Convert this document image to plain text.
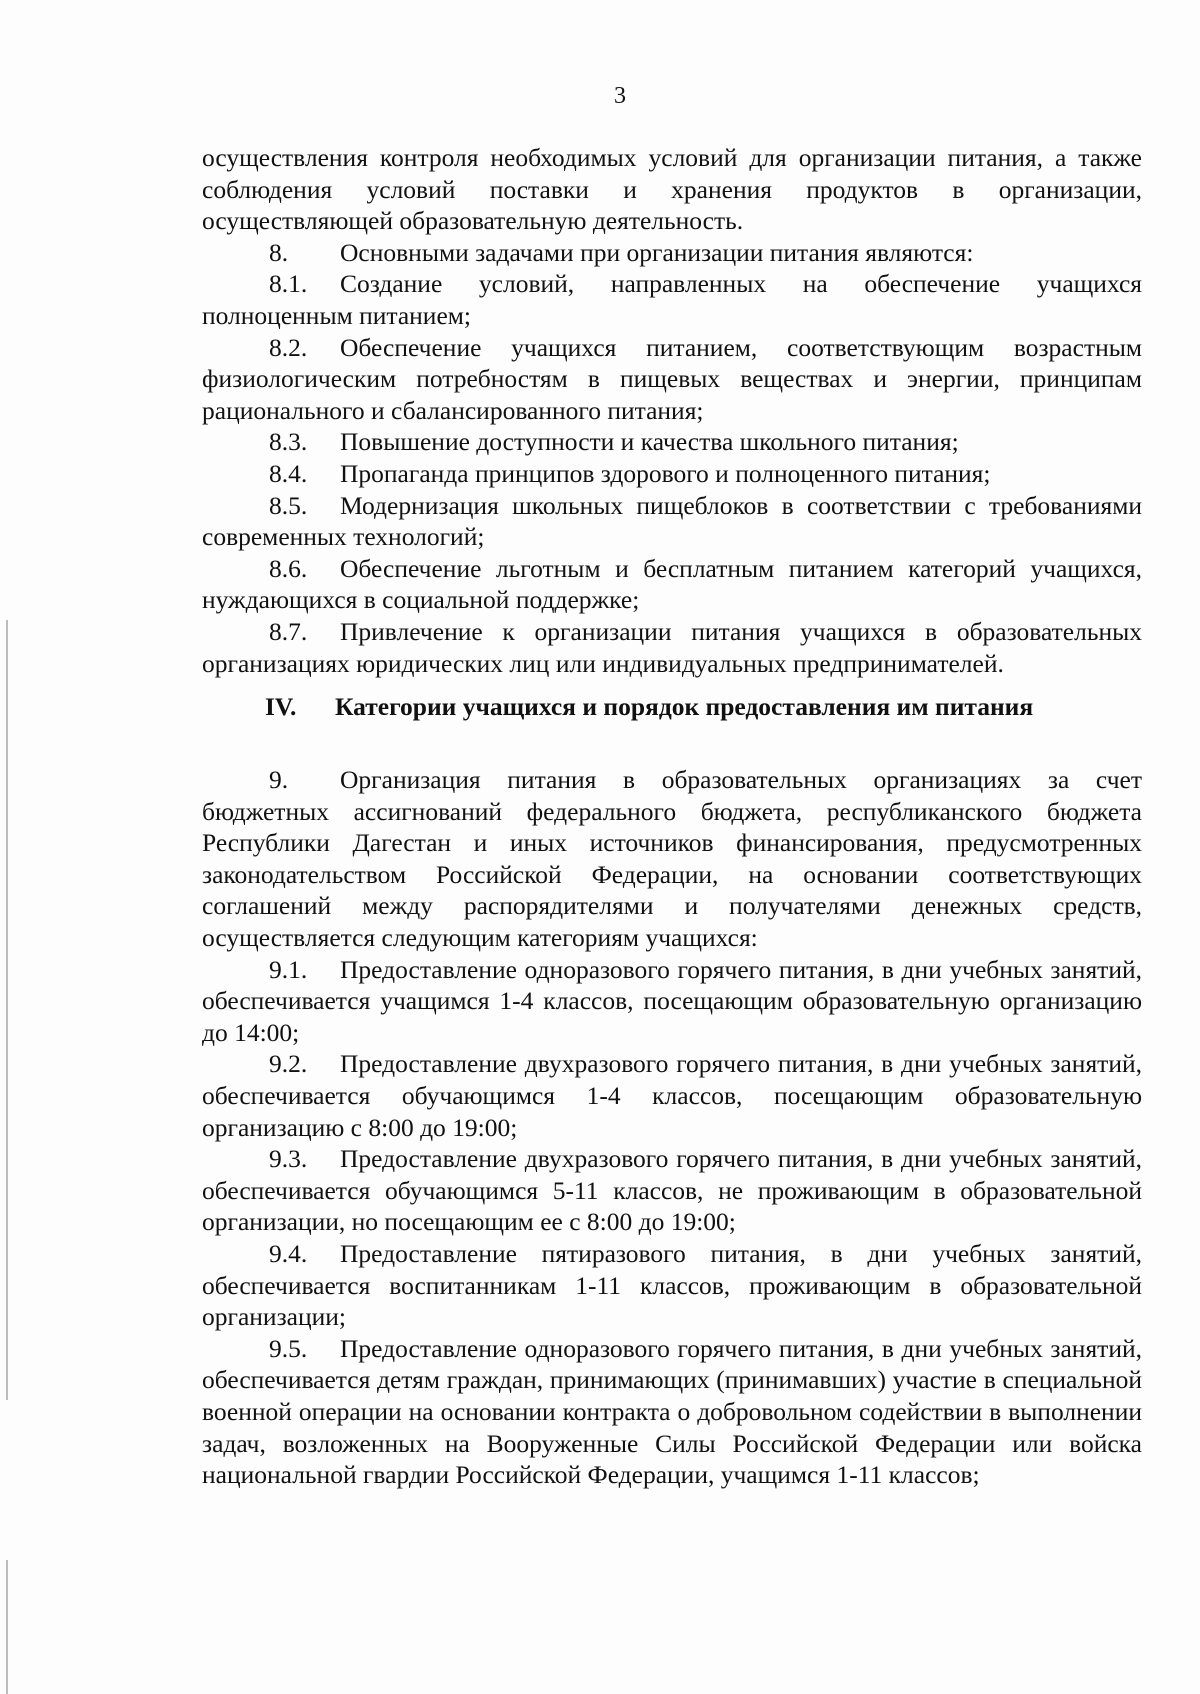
3

осуществления контроля необходимых условий для организации питания, а также соблюдения условий поставки и хранения продуктов в организации, осуществляющей образовательную деятельность.

8. Основными задачами при организации питания являются:

8.1. Создание условий, направленных на обеспечение учащихся полноценным питанием;

8.2. Обеспечение учащихся питанием, соответствующим возрастным физиологическим потребностям в пищевых веществах и энергии, принципам рационального и сбалансированного питания;

8.3. Повышение доступности и качества школьного питания;

8.4. Пропаганда принципов здорового и полноценного питания;

8.5. Модернизация школьных пищеблоков в соответствии с требованиями современных технологий;

8.6. Обеспечение льготным и бесплатным питанием категорий учащихся, нуждающихся в социальной поддержке;

8.7. Привлечение к организации питания учащихся в образовательных организациях юридических лиц или индивидуальных предпринимателей.

IV. Категории учащихся и порядок предоставления им питания

9. Организация питания в образовательных организациях за счет бюджетных ассигнований федерального бюджета, республиканского бюджета Республики Дагестан и иных источников финансирования, предусмотренных законодательством Российской Федерации, на основании соответствующих соглашений между распорядителями и получателями денежных средств, осуществляется следующим категориям учащихся:

9.1. Предоставление одноразового горячего питания, в дни учебных занятий, обеспечивается учащимся 1-4 классов, посещающим образовательную организацию до 14:00;

9.2. Предоставление двухразового горячего питания, в дни учебных занятий, обеспечивается обучающимся 1-4 классов, посещающим образовательную организацию с 8:00 до 19:00;

9.3. Предоставление двухразового горячего питания, в дни учебных занятий, обеспечивается обучающимся 5-11 классов, не проживающим в образовательной организации, но посещающим ее с 8:00 до 19:00;

9.4. Предоставление пятиразового питания, в дни учебных занятий, обеспечивается воспитанникам 1-11 классов, проживающим в образовательной организации;

9.5. Предоставление одноразового горячего питания, в дни учебных занятий, обеспечивается детям граждан, принимающих (принимавших) участие в специальной военной операции на основании контракта о добровольном содействии в выполнении задач, возложенных на Вооруженные Силы Российской Федерации или войска национальной гвардии Российской Федерации, учащимся 1-11 классов;
